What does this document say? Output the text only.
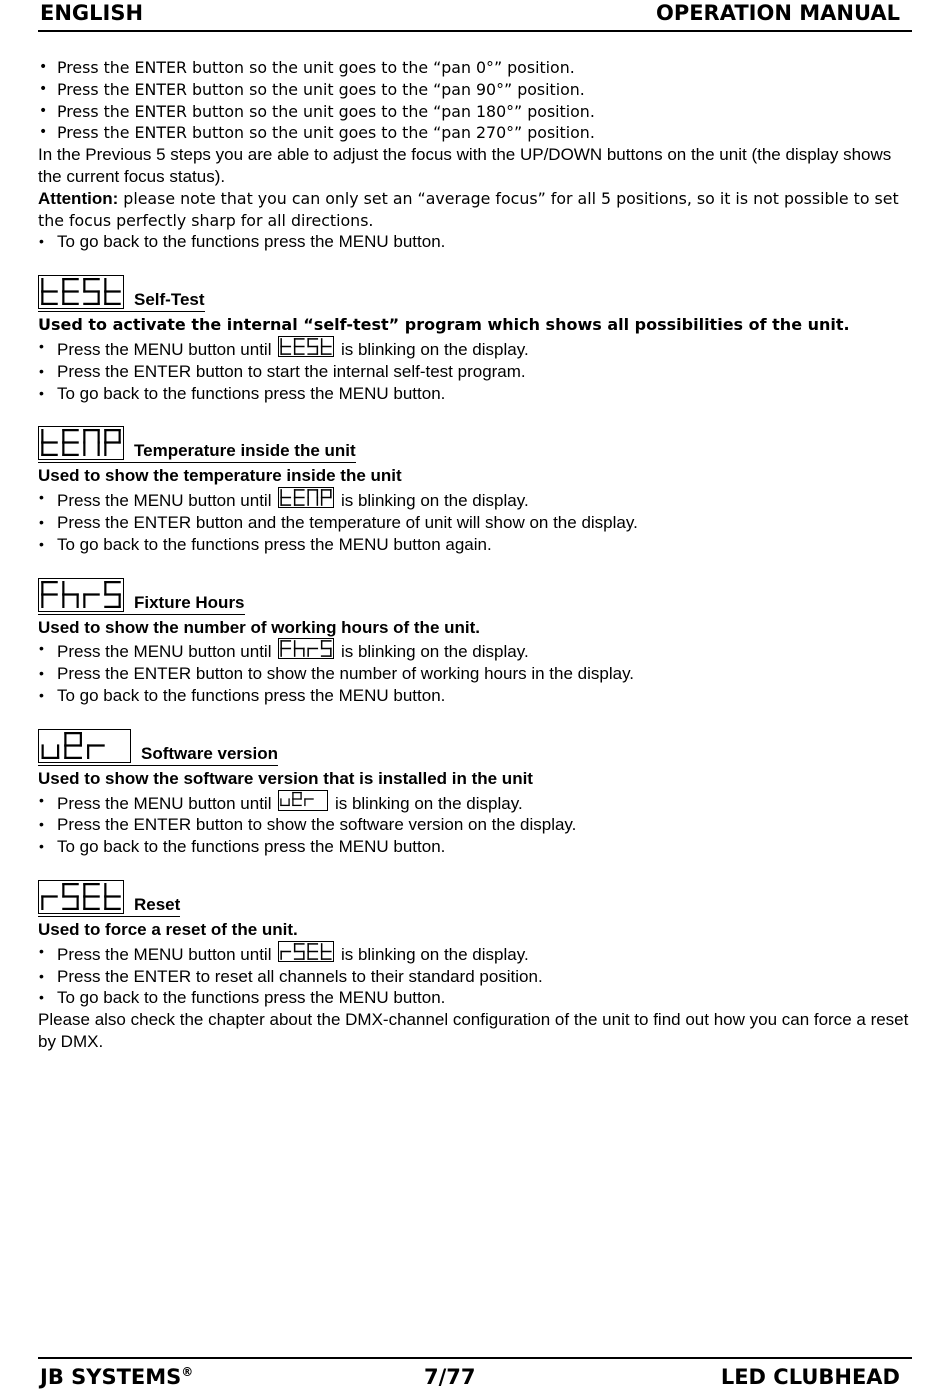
ENGLISH	OPERATION MANUAL
• Press the ENTER button so the unit goes to the “pan 0°” position.
• Press the ENTER button so the unit goes to the “pan 90°” position.
• Press the ENTER button so the unit goes to the “pan 180°” position.
• Press the ENTER button so the unit goes to the “pan 270°” position.

In the Previous 5 steps you are able to adjust the focus with the UP/DOWN buttons on the unit (the display shows the current focus status).

Attention: please note that you can only set an “average focus” for all 5 positions, so it is not possible to set the focus perfectly sharp for all directions.

• To go back to the functions press the MENU button.
Self-Test
Used to activate the internal “self-test” program which shows all possibilities of the unit.
• Press the MENU button until	is blinking on the display.
• Press the ENTER button to start the internal self-test program.
• To go back to the functions press the MENU button.
Temperature inside the unit
Used to show the temperature inside the unit
• Press the MENU button until	is blinking on the display.
• Press the ENTER button and the temperature of unit will show on the display.
• To go back to the functions press the MENU button again.
Fixture Hours
Used to show the number of working hours of the unit.
• Press the MENU button until	is blinking on the display.
• Press the ENTER button to show the number of working hours in the display.
• To go back to the functions press the MENU button.
Software version
Used to show the software version that is installed in the unit
• Press the MENU button until	is blinking on the display.
• Press the ENTER button to show the software version on the display.
• To go back to the functions press the MENU button.
Reset
Used to force a reset of the unit.
• Press the MENU button until	is blinking on the display.
• Press the ENTER to reset all channels to their standard position.
• To go back to the functions press the MENU button.

Please also check the chapter about the DMX-channel configuration of the unit to find out how you can force a reset by DMX.

JB SYSTEMS®	7/77	LED CLUBHEAD
